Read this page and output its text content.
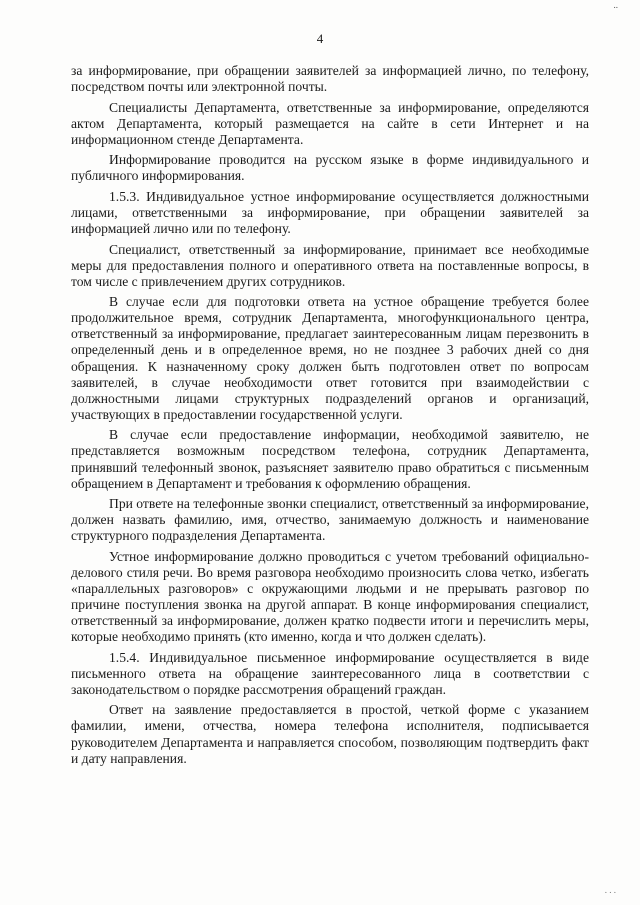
..
4

за информирование, при обращении заявителей за информацией лично, по телефону, посредством почты или электронной почты.

Специалисты Департамента, ответственные за информирование, определяются актом Департамента, который размещается на сайте в сети Интернет и на информационном стенде Департамента.

Информирование проводится на русском языке в форме индивидуального и публичного информирования.

1.5.3. Индивидуальное устное информирование осуществляется должностными лицами, ответственными за информирование, при обращении заявителей за информацией лично или по телефону.

Специалист, ответственный за информирование, принимает все необходимые меры для предоставления полного и оперативного ответа на поставленные вопросы, в том числе с привлечением других сотрудников.

В случае если для подготовки ответа на устное обращение требуется более продолжительное время, сотрудник Департамента, многофункционального центра, ответственный за информирование, предлагает заинтересованным лицам перезвонить в определенный день и в определенное время, но не позднее 3 рабочих дней со дня обращения. К назначенному сроку должен быть подготовлен ответ по вопросам заявителей, в случае необходимости ответ готовится при взаимодействии с должностными лицами структурных подразделений органов и организаций, участвующих в предоставлении государственной услуги.

В случае если предоставление информации, необходимой заявителю, не представляется возможным посредством телефона, сотрудник Департамента, принявший телефонный звонок, разъясняет заявителю право обратиться с письменным обращением в Департамент и требования к оформлению обращения.

При ответе на телефонные звонки специалист, ответственный за информирование, должен назвать фамилию, имя, отчество, занимаемую должность и наименование структурного подразделения Департамента.

Устное информирование должно проводиться с учетом требований официально-делового стиля речи. Во время разговора необходимо произносить слова четко, избегать «параллельных разговоров» с окружающими людьми и не прерывать разговор по причине поступления звонка на другой аппарат. В конце информирования специалист, ответственный за информирование, должен кратко подвести итоги и перечислить меры, которые необходимо принять (кто именно, когда и что должен сделать).

1.5.4. Индивидуальное письменное информирование осуществляется в виде письменного ответа на обращение заинтересованного лица в соответствии с законодательством о порядке рассмотрения обращений граждан.

Ответ на заявление предоставляется в простой, четкой форме с указанием фамилии, имени, отчества, номера телефона исполнителя, подписывается руководителем Департамента и направляется способом, позволяющим подтвердить факт и дату направления.

. . .
